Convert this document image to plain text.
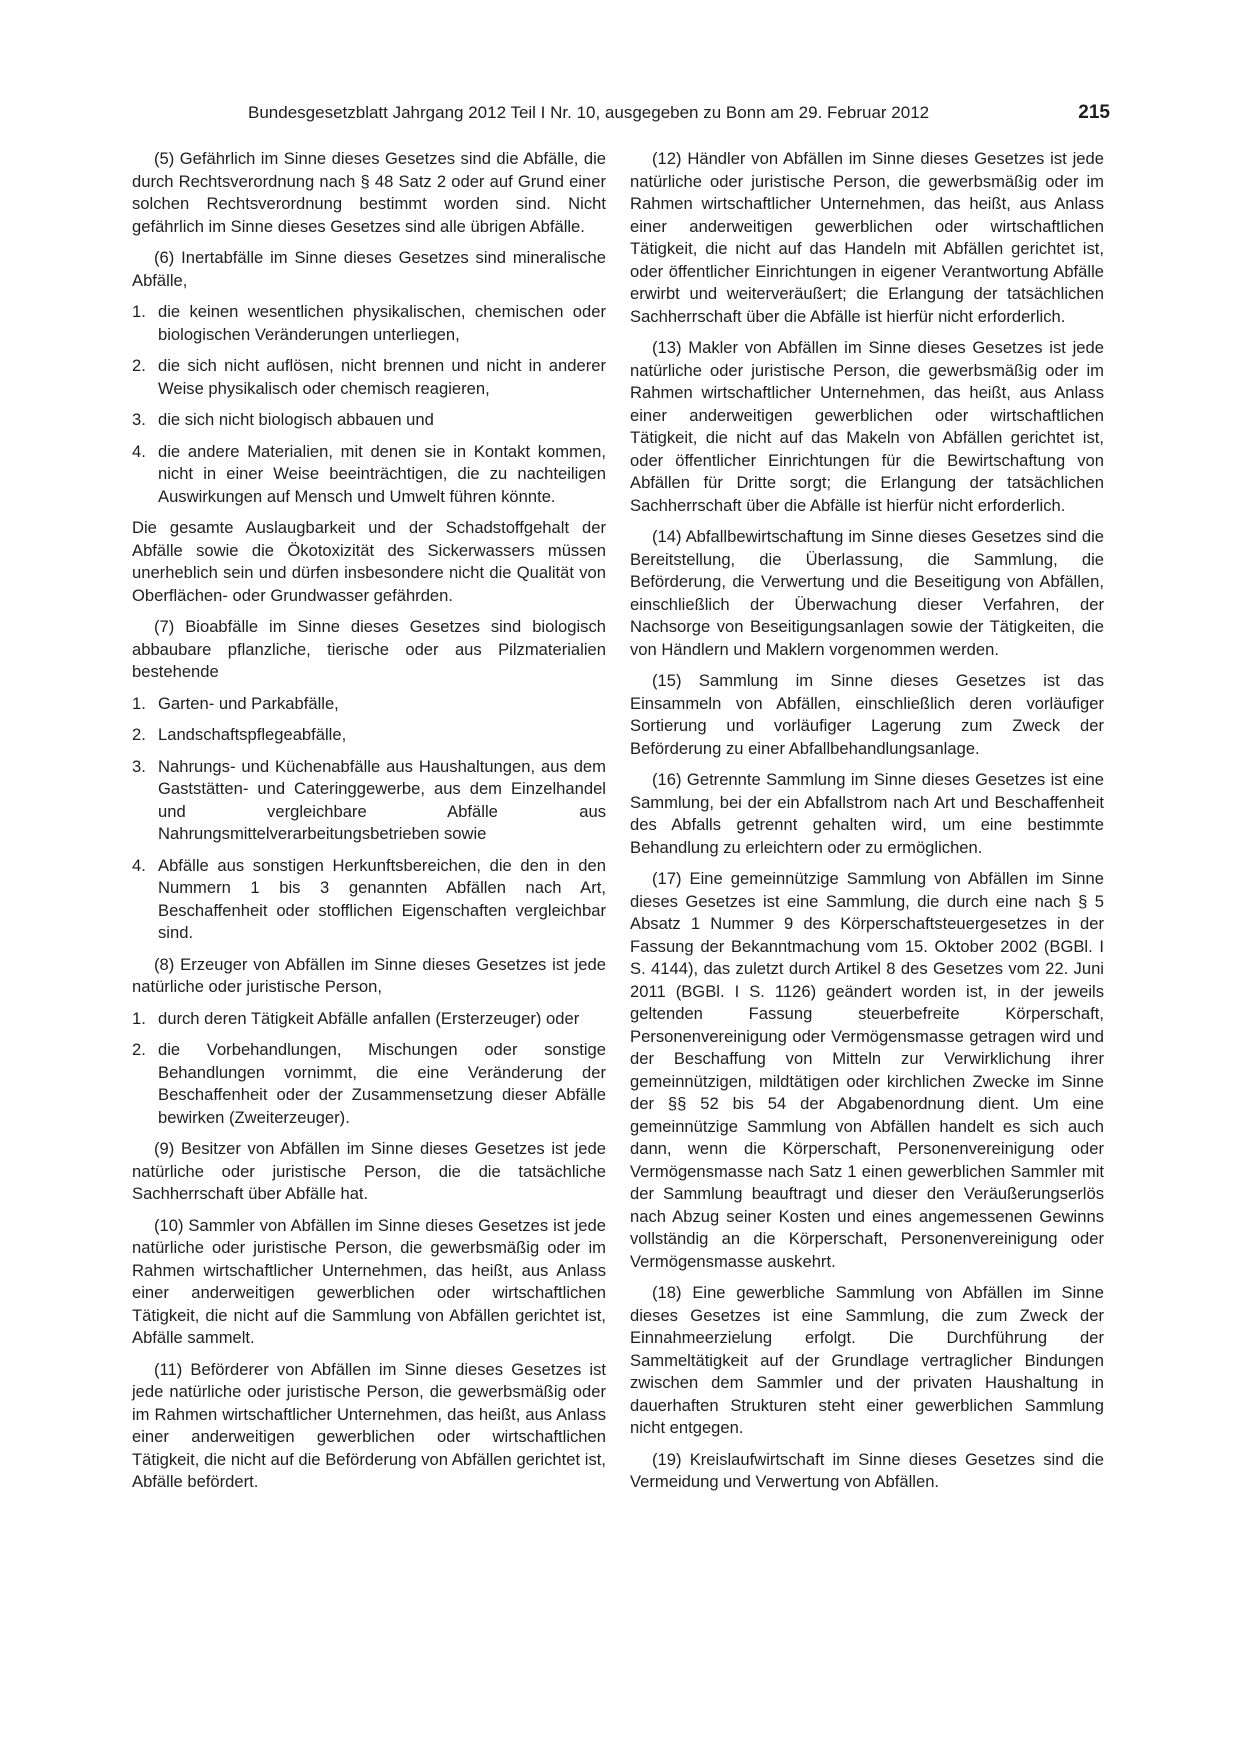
Bundesgesetzblatt Jahrgang 2012 Teil I Nr. 10, ausgegeben zu Bonn am 29. Februar 2012	215

(5) Gefährlich im Sinne dieses Gesetzes sind die Abfälle, die durch Rechtsverordnung nach § 48 Satz 2 oder auf Grund einer solchen Rechtsverordnung bestimmt worden sind. Nicht gefährlich im Sinne dieses Gesetzes sind alle übrigen Abfälle.

(6) Inertabfälle im Sinne dieses Gesetzes sind mineralische Abfälle,

1. die keinen wesentlichen physikalischen, chemischen oder biologischen Veränderungen unterliegen,
2. die sich nicht auflösen, nicht brennen und nicht in anderer Weise physikalisch oder chemisch reagieren,
3. die sich nicht biologisch abbauen und
4. die andere Materialien, mit denen sie in Kontakt kommen, nicht in einer Weise beeinträchtigen, die zu nachteiligen Auswirkungen auf Mensch und Umwelt führen könnte.

Die gesamte Auslaugbarkeit und der Schadstoffgehalt der Abfälle sowie die Ökotoxizität des Sickerwassers müssen unerheblich sein und dürfen insbesondere nicht die Qualität von Oberflächen- oder Grundwasser gefährden.

(7) Bioabfälle im Sinne dieses Gesetzes sind biologisch abbaubare pflanzliche, tierische oder aus Pilzmaterialien bestehende

1. Garten- und Parkabfälle,
2. Landschaftspflegeabfälle,
3. Nahrungs- und Küchenabfälle aus Haushaltungen, aus dem Gaststätten- und Cateringgewerbe, aus dem Einzelhandel und vergleichbare Abfälle aus Nahrungsmittelverarbeitungsbetrieben sowie
4. Abfälle aus sonstigen Herkunftsbereichen, die den in den Nummern 1 bis 3 genannten Abfällen nach Art, Beschaffenheit oder stofflichen Eigenschaften vergleichbar sind.

(8) Erzeuger von Abfällen im Sinne dieses Gesetzes ist jede natürliche oder juristische Person,

1. durch deren Tätigkeit Abfälle anfallen (Ersterzeuger) oder
2. die Vorbehandlungen, Mischungen oder sonstige Behandlungen vornimmt, die eine Veränderung der Beschaffenheit oder der Zusammensetzung dieser Abfälle bewirken (Zweiterzeuger).

(9) Besitzer von Abfällen im Sinne dieses Gesetzes ist jede natürliche oder juristische Person, die die tatsächliche Sachherrschaft über Abfälle hat.

(10) Sammler von Abfällen im Sinne dieses Gesetzes ist jede natürliche oder juristische Person, die gewerbsmäßig oder im Rahmen wirtschaftlicher Unternehmen, das heißt, aus Anlass einer anderweitigen gewerblichen oder wirtschaftlichen Tätigkeit, die nicht auf die Sammlung von Abfällen gerichtet ist, Abfälle sammelt.

(11) Beförderer von Abfällen im Sinne dieses Gesetzes ist jede natürliche oder juristische Person, die gewerbsmäßig oder im Rahmen wirtschaftlicher Unternehmen, das heißt, aus Anlass einer anderweitigen gewerblichen oder wirtschaftlichen Tätigkeit, die nicht auf die Beförderung von Abfällen gerichtet ist, Abfälle befördert.

(12) Händler von Abfällen im Sinne dieses Gesetzes ist jede natürliche oder juristische Person, die gewerbsmäßig oder im Rahmen wirtschaftlicher Unternehmen, das heißt, aus Anlass einer anderweitigen gewerblichen oder wirtschaftlichen Tätigkeit, die nicht auf das Handeln mit Abfällen gerichtet ist, oder öffentlicher Einrichtungen in eigener Verantwortung Abfälle erwirbt und weiterveräußert; die Erlangung der tatsächlichen Sachherrschaft über die Abfälle ist hierfür nicht erforderlich.

(13) Makler von Abfällen im Sinne dieses Gesetzes ist jede natürliche oder juristische Person, die gewerbsmäßig oder im Rahmen wirtschaftlicher Unternehmen, das heißt, aus Anlass einer anderweitigen gewerblichen oder wirtschaftlichen Tätigkeit, die nicht auf das Makeln von Abfällen gerichtet ist, oder öffentlicher Einrichtungen für die Bewirtschaftung von Abfällen für Dritte sorgt; die Erlangung der tatsächlichen Sachherrschaft über die Abfälle ist hierfür nicht erforderlich.

(14) Abfallbewirtschaftung im Sinne dieses Gesetzes sind die Bereitstellung, die Überlassung, die Sammlung, die Beförderung, die Verwertung und die Beseitigung von Abfällen, einschließlich der Überwachung dieser Verfahren, der Nachsorge von Beseitigungsanlagen sowie der Tätigkeiten, die von Händlern und Maklern vorgenommen werden.

(15) Sammlung im Sinne dieses Gesetzes ist das Einsammeln von Abfällen, einschließlich deren vorläufiger Sortierung und vorläufiger Lagerung zum Zweck der Beförderung zu einer Abfallbehandlungsanlage.

(16) Getrennte Sammlung im Sinne dieses Gesetzes ist eine Sammlung, bei der ein Abfallstrom nach Art und Beschaffenheit des Abfalls getrennt gehalten wird, um eine bestimmte Behandlung zu erleichtern oder zu ermöglichen.

(17) Eine gemeinnützige Sammlung von Abfällen im Sinne dieses Gesetzes ist eine Sammlung, die durch eine nach § 5 Absatz 1 Nummer 9 des Körperschaftsteuergesetzes in der Fassung der Bekanntmachung vom 15. Oktober 2002 (BGBl. I S. 4144), das zuletzt durch Artikel 8 des Gesetzes vom 22. Juni 2011 (BGBl. I S. 1126) geändert worden ist, in der jeweils geltenden Fassung steuerbefreite Körperschaft, Personenvereinigung oder Vermögensmasse getragen wird und der Beschaffung von Mitteln zur Verwirklichung ihrer gemeinnützigen, mildtätigen oder kirchlichen Zwecke im Sinne der §§ 52 bis 54 der Abgabenordnung dient. Um eine gemeinnützige Sammlung von Abfällen handelt es sich auch dann, wenn die Körperschaft, Personenvereinigung oder Vermögensmasse nach Satz 1 einen gewerblichen Sammler mit der Sammlung beauftragt und dieser den Veräußerungserlös nach Abzug seiner Kosten und eines angemessenen Gewinns vollständig an die Körperschaft, Personenvereinigung oder Vermögensmasse auskehrt.

(18) Eine gewerbliche Sammlung von Abfällen im Sinne dieses Gesetzes ist eine Sammlung, die zum Zweck der Einnahmeerzielung erfolgt. Die Durchführung der Sammeltätigkeit auf der Grundlage vertraglicher Bindungen zwischen dem Sammler und der privaten Haushaltung in dauerhaften Strukturen steht einer gewerblichen Sammlung nicht entgegen.

(19) Kreislaufwirtschaft im Sinne dieses Gesetzes sind die Vermeidung und Verwertung von Abfällen.
